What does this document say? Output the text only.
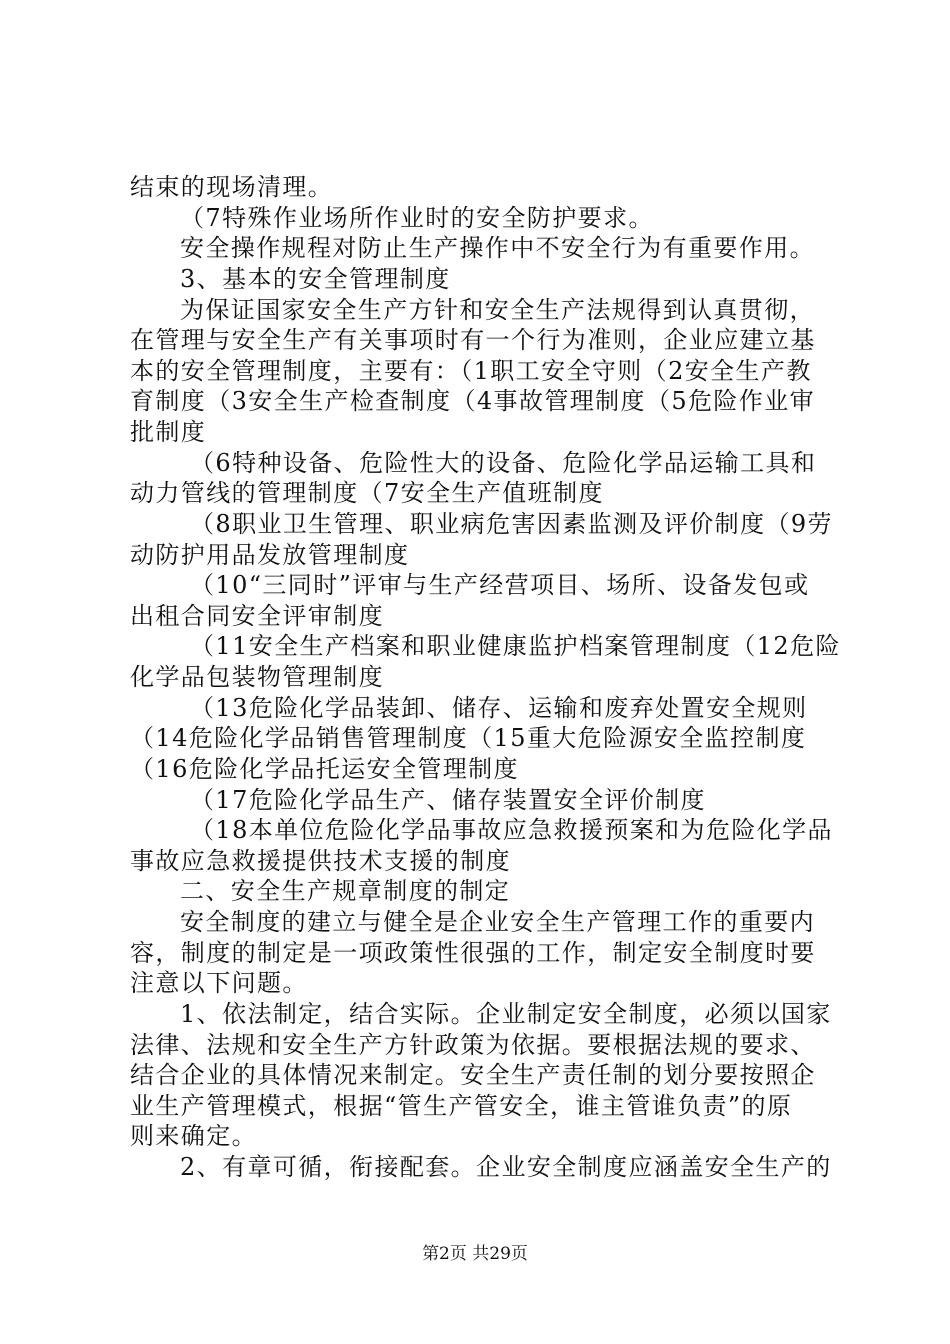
结束的现场清理。
（7特殊作业场所作业时的安全防护要求。
安全操作规程对防止生产操作中不安全行为有重要作用。
3、基本的安全管理制度
为保证国家安全生产方针和安全生产法规得到认真贯彻，
在管理与安全生产有关事项时有一个行为准则，企业应建立基
本的安全管理制度，主要有：（1职工安全守则（2安全生产教
育制度（3安全生产检查制度（4事故管理制度（5危险作业审
批制度
（6特种设备、危险性大的设备、危险化学品运输工具和
动力管线的管理制度（7安全生产值班制度
（8职业卫生管理、职业病危害因素监测及评价制度（9劳
动防护用品发放管理制度
（10“三同时”评审与生产经营项目、场所、设备发包或
出租合同安全评审制度
（11安全生产档案和职业健康监护档案管理制度（12危险
化学品包装物管理制度
（13危险化学品装卸、储存、运输和废弃处置安全规则
（14危险化学品销售管理制度（15重大危险源安全监控制度
（16危险化学品托运安全管理制度
（17危险化学品生产、储存装置安全评价制度
（18本单位危险化学品事故应急救援预案和为危险化学品
事故应急救援提供技术支援的制度
二、安全生产规章制度的制定
安全制度的建立与健全是企业安全生产管理工作的重要内
容，制度的制定是一项政策性很强的工作，制定安全制度时要
注意以下问题。
1、依法制定，结合实际。企业制定安全制度，必须以国家
法律、法规和安全生产方针政策为依据。要根据法规的要求、
结合企业的具体情况来制定。安全生产责任制的划分要按照企
业生产管理模式，根据“管生产管安全，谁主管谁负责”的原
则来确定。
2、有章可循，衔接配套。企业安全制度应涵盖安全生产的
第2页 共29页
